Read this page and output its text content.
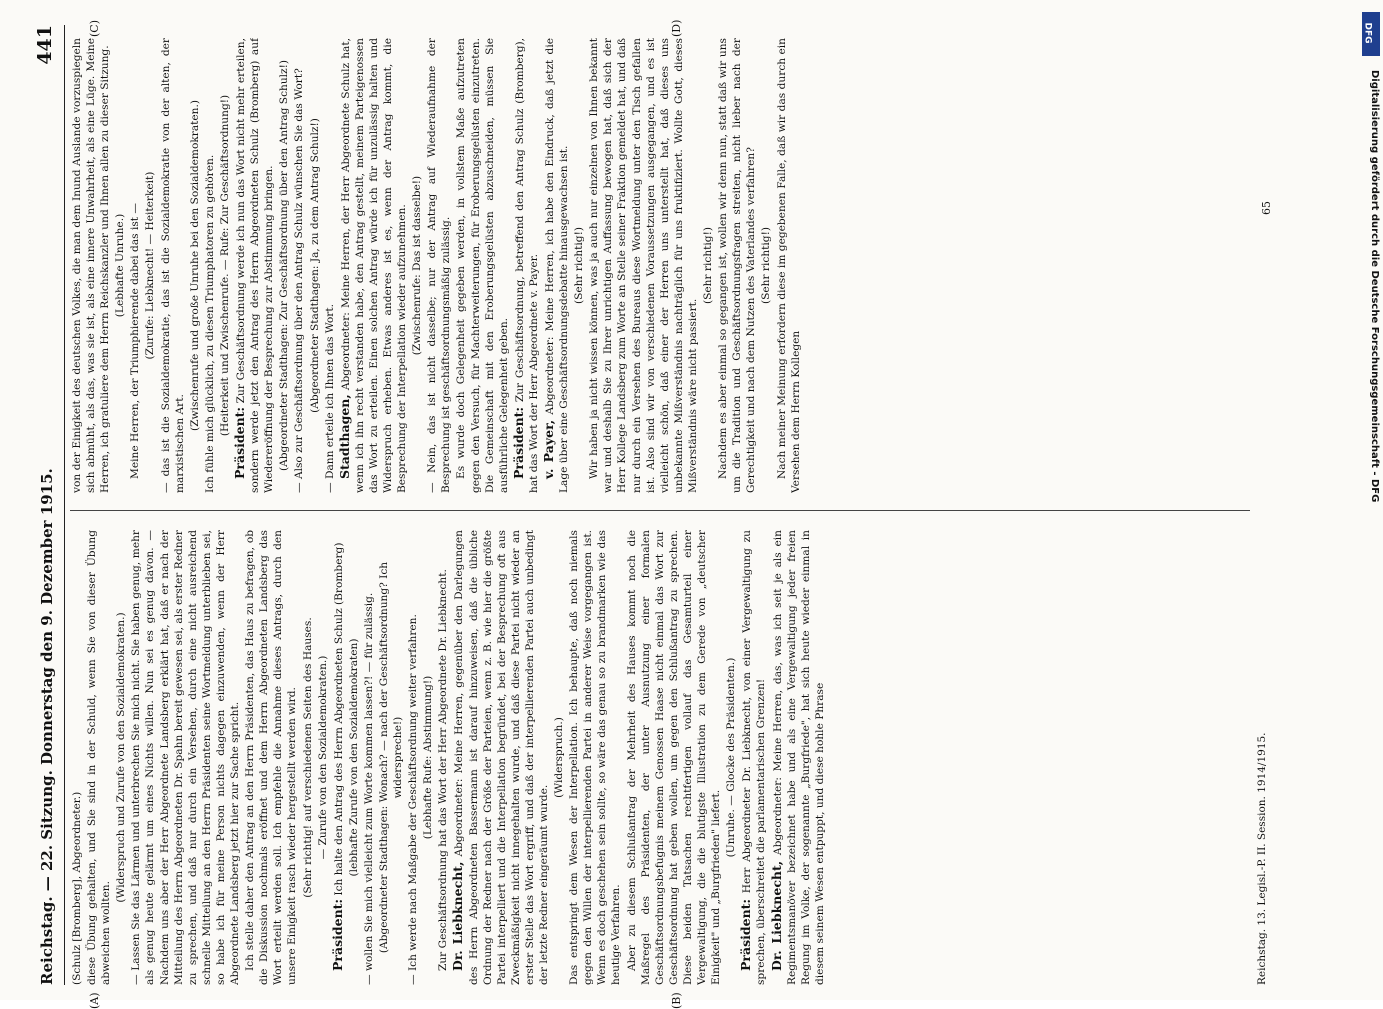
Reichstag. — 22. Sitzung. Donnerstag den 9. Dezember 1915.
441

(Schulz [Bromberg], Abgeordneter.) diese Übung gehalten, und Sie sind in der Schuld, wenn Sie von dieser Übung abweichen wollten.

(Widerspruch und Zurufe von den Sozialdemokraten.) — Lassen Sie das Lärmen und unterbrechen Sie mich nicht. Sie haben genug, mehr als genug heute gelärmt um eines Nichts willen. Nun sei es genug davon. — Nachdem uns aber der Herr Abgeordnete Landsberg erklärt hat, daß er nach der Mitteilung des Herrn Abgeordneten Dr. Spahn bereit gewesen sei, als erster Redner zu sprechen, und daß nur durch ein Versehen, durch eine nicht ausreichend schnelle Mitteilung an den Herrn Präsidenten seine Wortmeldung unterblieben sei, so habe ich für meine Person nichts dagegen einzuwenden, wenn der Herr Abgeordnete Landsberg jetzt hier zur Sache spricht. Ich stelle daher den Antrag an den Herrn Präsidenten, das Haus zu befragen, ob die Diskussion nochmals eröffnet und dem Herrn Abgeordneten Landsberg das Wort erteilt werden soll. Ich empfehle die Annahme dieses Antrags, durch den unsere Einigkeit rasch wieder hergestellt werden wird. (Sehr richtig! auf verschiedenen Seiten des Hauses. — Zurufe von den Sozialdemokraten.)

Präsident: Ich halte den Antrag des Herrn Abgeordneten Schulz (Bromberg) (lebhafte Zurufe von den Sozialdemokraten) — wollen Sie mich vielleicht zum Worte kommen lassen?! — für zulässig. (Abgeordneter Stadthagen: Wonach? — nach der Geschäftsordnung? Ich widerspreche!) — Ich werde nach Maßgabe der Geschäftsordnung weiter verfahren. (Lebhafte Rufe: Abstimmung!) Zur Geschäftsordnung hat das Wort der Herr Abgeordnete Dr. Liebknecht. Dr. Liebknecht, Abgeordneter: Meine Herren, gegenüber den Darlegungen des Herrn Abgeordneten Bassermann ist darauf hinzuweisen, daß die übliche Ordnung der Redner nach der Größe der Parteien, wenn z. B. wie hier die größte Partei interpelliert und die Interpellation begründet, bei der Besprechung oft aus Zweckmäßigkeit nicht innegehalten wurde, und daß diese Partei nicht wieder an erster Stelle das Wort ergriff, und daß der interpellierenden Partei auch unbedingt der letzte Redner eingeräumt wurde.

(Widerspruch.) Das entspringt dem Wesen der Interpellation. Ich behaupte, daß noch niemals gegen den Willen der interpellierenden Partei in anderer Weise vorgegangen ist. Wenn es doch geschehen sein sollte, so wäre das genau so zu brandmarken wie das heutige Verfahren. Aber zu diesem Schlußantrag der Mehrheit des Hauses kommt noch die Maßregel des Präsidenten, der unter Ausnutzung einer formalen Geschäftsordnungsbefugnis meinem Genossen Haase nicht einmal das Wort zur Geschäftsordnung hat geben wollen, um gegen den Schlußantrag zu sprechen. Diese beiden Tatsachen rechtfertigen vollauf das Gesamturteil einer Vergewaltigung, die die blutigste Illustration zu dem Gerede von „deutscher Einigkeit" und „Burgfrieden" liefert.

(Unruhe. — Glocke des Präsidenten.)

Präsident: Herr Abgeordneter Dr. Liebknecht, von einer Vergewaltigung zu sprechen, überschreitet die parlamentarischen Grenzen! Dr. Liebknecht, Abgeordneter: Meine Herren, das, was ich seit je als ein Regimentsmanöver bezeichnet habe und als eine Vergewaltigung jeder freien Regung im Volke, der sogenannte „Burgfriede", hat sich heute wieder einmal in diesem seinem Wesen entpuppt, und diese hohle Phrase

von der Einigkeit des deutschen Volkes, die man dem Inund Auslande vorzuspiegeln sich abmüht, als das, was sie ist, als eine innere Unwahrheit, als eine Lüge. Meine Herren, ich gratuliere dem Herrn Reichskanzler und Ihnen allen zu dieser Sitzung. (Lebhafte Unruhe.) Meine Herren, der Triumphierende dabei das ist — (Zurufe: Liebknecht! — Heiterkeit) — das ist die Sozialdemokratie, das ist die Sozialdemokratie von der alten, der marxistischen Art.

(Zwischenrufe und große Unruhe bei den Sozialdemokraten.) Ich fühle mich glücklich, zu diesen Triumphatoren zu gehören. (Heiterkeit und Zwischenrufe. — Rufe: Zur Geschäftsordnung!)

Präsident: Zur Geschäftsordnung werde ich nun das Wort nicht mehr erteilen, sondern werde jetzt den Antrag des Herrn Abgeordneten Schulz (Bromberg) auf Wiedereröffnung der Besprechung zur Abstimmung bringen. (Abgeordneter Stadthagen: Zur Geschäftsordnung über den Antrag Schulz!) — Also zur Geschäftsordnung über den Antrag Schulz wünschen Sie das Wort? (Abgeordneter Stadthagen: Ja, zu dem Antrag Schulz!) — Dann erteile ich Ihnen das Wort. Stadthagen, Abgeordneter: Meine Herren, der Herr Abgeordnete Schulz hat, wenn ich ihn recht verstanden habe, den Antrag gestellt, meinem Parteigenossen das Wort zu erteilen. Einen solchen Antrag würde ich für unzulässig halten und Widerspruch erheben. Etwas anderes ist es, wenn der Antrag kommt, die Besprechung der Interpellation wieder aufzunehmen. (Zwischenrufe: Das ist dasselbe!) — Nein, das ist nicht dasselbe; nur der Antrag auf Wiederaufnahme der Besprechung ist geschäftsordnungsmäßig zulässig. Es wurde doch Gelegenheit gegeben werden, in vollstem Maße aufzutreten gegen den Versuch, für Machterweiterungen, für Eroberungsgelüsten einzutreten. Die Gemeinschaft mit den Eroberungsgelüsten abzuschneiden, müssen Sie ausführliche Gelegenheit geben. Präsident: Zur Geschäftsordnung, betreffend den Antrag Schulz (Bromberg), hat das Wort der Herr Abgeordnete v. Payer. v. Payer, Abgeordneter: Meine Herren, ich habe den Eindruck, daß jetzt die Lage über eine Geschäftsordnungsdebatte hinausgewachsen ist. (Sehr richtig!) Wir haben ja nicht wissen können, was ja auch nur einzelnen von Ihnen bekannt war und deshalb Sie zu Ihrer unrichtigen Auffassung bewogen hat, daß sich der Herr Kollege Landsberg zum Worte an Stelle seiner Fraktion gemeldet hat, und daß nur durch ein Versehen des Bureaus diese Wortmeldung unter den Tisch gefallen ist. Also sind wir von verschiedenen Voraussetzungen ausgegangen, und es ist vielleicht schön, daß einer der Herren uns unterstellt hat, daß dieses uns unbekannte Mißverständnis nachträglich für uns fruktifiziert. Wollte Gott, dieses Mißverständnis wäre nicht passiert.

(Sehr richtig!) Nachdem es aber einmal so gegangen ist, wollen wir denn nun, statt daß wir uns um die Tradition und Geschäftsordnungsfragen streiten, nicht lieber nach der Gerechtigkeit und nach dem Nutzen des Vaterlandes verfahren? (Sehr richtig!) Nach meiner Meinung erfordern diese im gegebenen Falle, daß wir das durch ein Versehen dem Herrn Kollegen

(A)	(B)
(C)	(D)
Reichstag. 13. Legisl.-P. II. Session. 1914/1915.
65
DFG
Digitalisierung gefördert durch die Deutsche Forschungsgemeinschaft - DFG
